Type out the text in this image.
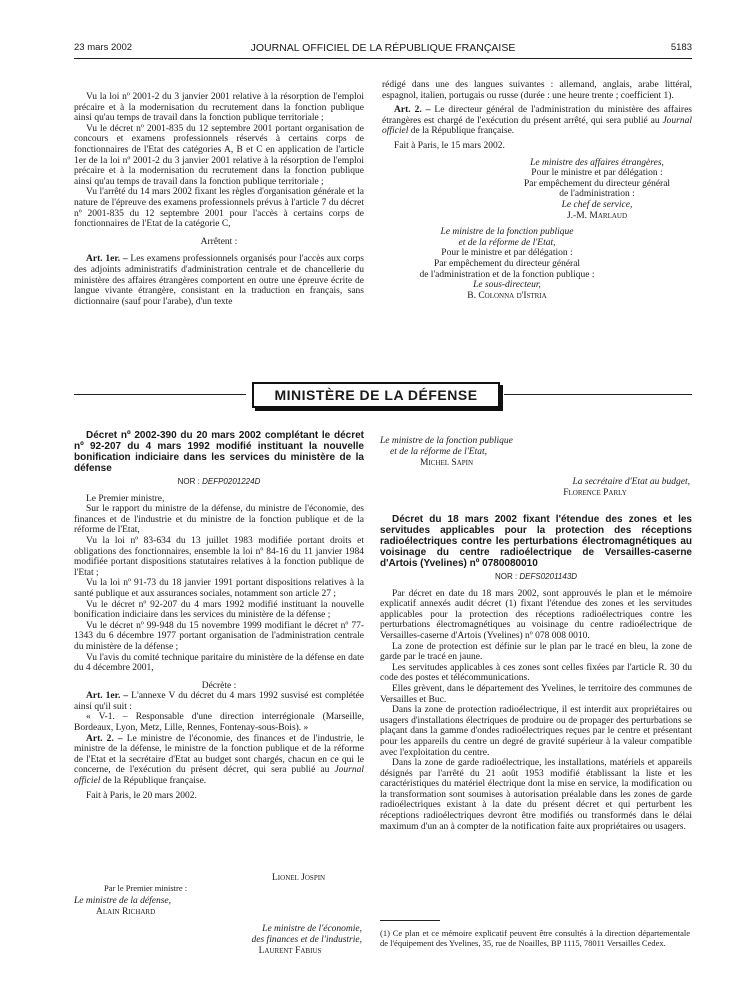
23 mars 2002	JOURNAL OFFICIEL DE LA RÉPUBLIQUE FRANÇAISE	5183

Vu la loi nº 2001-2 du 3 janvier 2001 relative à la résorption de l'emploi précaire et à la modernisation du recrutement dans la fonction publique ainsi qu'au temps de travail dans la fonction publique territoriale ;

Vu le décret nº 2001-835 du 12 septembre 2001 portant organisation de concours et examens professionnels réservés à certains corps de fonctionnaires de l'Etat des catégories A, B et C en application de l'article 1er de la loi nº 2001-2 du 3 janvier 2001 relative à la résorption de l'emploi précaire et à la modernisation du recrutement dans la fonction publique ainsi qu'au temps de travail dans la fonction publique territoriale ;

Vu l'arrêté du 14 mars 2002 fixant les règles d'organisation générale et la nature de l'épreuve des examens professionnels prévus à l'article 7 du décret nº 2001-835 du 12 septembre 2001 pour l'accès à certains corps de fonctionnaires de l'Etat de la catégorie C,

Arrêtent :

Art. 1er. – Les examens professionnels organisés pour l'accès aux corps des adjoints administratifs d'administration centrale et de chancellerie du ministère des affaires étrangères comportent en outre une épreuve écrite de langue vivante étrangère, consistant en la traduction en français, sans dictionnaire (sauf pour l'arabe), d'un texte

rédigé dans une des langues suivantes : allemand, anglais, arabe littéral, espagnol, italien, portugais ou russe (durée : une heure trente ; coefficient 1).

Art. 2. – Le directeur général de l'administration du ministère des affaires étrangères est chargé de l'exécution du présent arrêté, qui sera publié au Journal officiel de la République française.

Fait à Paris, le 15 mars 2002.

Le ministre des affaires étrangères,
Pour le ministre et par délégation :
Par empêchement du directeur général
de l'administration :
Le chef de service,
J.-M. Marlaud
Le ministre de la fonction publique
et de la réforme de l'Etat,
Pour le ministre et par délégation :
Par empêchement du directeur général
de l'administration et de la fonction publique :
Le sous-directeur,
B. Colonna d'Istria
MINISTÈRE DE LA DÉFENSE

Décret nº 2002-390 du 20 mars 2002 complétant le décret nº 92-207 du 4 mars 1992 modifié instituant la nouvelle bonification indiciaire dans les services du ministère de la défense

NOR : DEFP0201224D

Le Premier ministre,

Sur le rapport du ministre de la défense, du ministre de l'économie, des finances et de l'industrie et du ministre de la fonction publique et de la réforme de l'Etat,

Vu la loi nº 83-634 du 13 juillet 1983 modifiée portant droits et obligations des fonctionnaires, ensemble la loi nº 84-16 du 11 janvier 1984 modifiée portant dispositions statutaires relatives à la fonction publique de l'Etat ;

Vu la loi nº 91-73 du 18 janvier 1991 portant dispositions relatives à la santé publique et aux assurances sociales, notamment son article 27 ;

Vu le décret nº 92-207 du 4 mars 1992 modifié instituant la nouvelle bonification indiciaire dans les services du ministère de la défense ;

Vu le décret nº 99-948 du 15 novembre 1999 modifiant le décret nº 77-1343 du 6 décembre 1977 portant organisation de l'administration centrale du ministère de la défense ;

Vu l'avis du comité technique paritaire du ministère de la défense en date du 4 décembre 2001,

Décrète :

Art. 1er. – L'annexe V du décret du 4 mars 1992 susvisé est complétée ainsi qu'il suit :

« V-1. – Responsable d'une direction interrégionale (Marseille, Bordeaux, Lyon, Metz, Lille, Rennes, Fontenay-sous-Bois). »

Art. 2. – Le ministre de l'économie, des finances et de l'industrie, le ministre de la défense, le ministre de la fonction publique et de la réforme de l'Etat et la secrétaire d'Etat au budget sont chargés, chacun en ce qui le concerne, de l'exécution du présent décret, qui sera publié au Journal officiel de la République française.

Fait à Paris, le 20 mars 2002.

Lionel Jospin
Par le Premier ministre :
Le ministre de la défense,
Alain Richard
Le ministre de l'économie,
des finances et de l'industrie,
Laurent Fabius
Le ministre de la fonction publique
et de la réforme de l'Etat,
Michel Sapin
La secrétaire d'Etat au budget,
Florence Parly

Décret du 18 mars 2002 fixant l'étendue des zones et les servitudes applicables pour la protection des réceptions radioélectriques contre les perturbations électromagnétiques au voisinage du centre radioélectrique de Versailles-caserne d'Artois (Yvelines) nº 0780080010

NOR : DEFS0201143D

Par décret en date du 18 mars 2002, sont approuvés le plan et le mémoire explicatif annexés audit décret (1) fixant l'étendue des zones et les servitudes applicables pour la protection des réceptions radioélectriques contre les perturbations électromagnétiques au voisinage du centre radioélectrique de Versailles-caserne d'Artois (Yvelines) nº 078 008 0010.

La zone de protection est définie sur le plan par le tracé en bleu, la zone de garde par le tracé en jaune.

Les servitudes applicables à ces zones sont celles fixées par l'article R. 30 du code des postes et télécommunications.

Elles grèvent, dans le département des Yvelines, le territoire des communes de Versailles et Buc.

Dans la zone de protection radioélectrique, il est interdit aux propriétaires ou usagers d'installations électriques de produire ou de propager des perturbations se plaçant dans la gamme d'ondes radioélectriques reçues par le centre et présentant pour les appareils du centre un degré de gravité supérieur à la valeur compatible avec l'exploitation du centre.

Dans la zone de garde radioélectrique, les installations, matériels et appareils désignés par l'arrêté du 21 août 1953 modifié établissant la liste et les caractéristiques du matériel électrique dont la mise en service, la modification ou la transformation sont soumises à autorisation préalable dans les zones de garde radioélectriques existant à la date du présent décret et qui perturbent les réceptions radioélectriques devront être modifiés ou transformés dans le délai maximum d'un an à compter de la notification faite aux propriétaires ou usagers.

(1) Ce plan et ce mémoire explicatif peuvent être consultés à la direction départementale de l'équipement des Yvelines, 35, rue de Noailles, BP 1115, 78011 Versailles Cedex.
